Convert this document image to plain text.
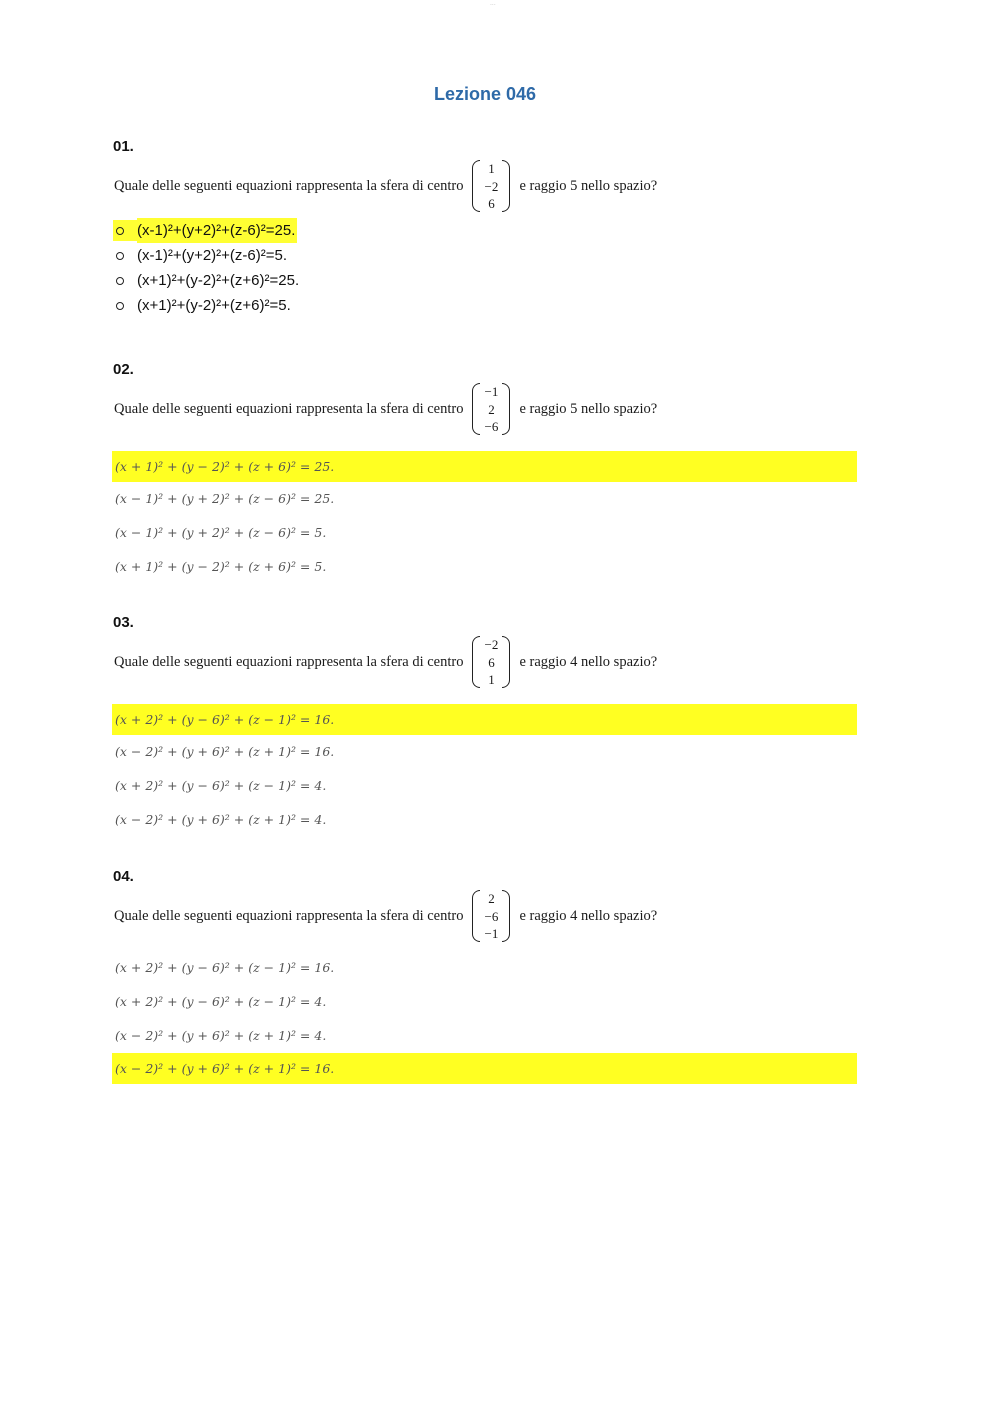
...
Lezione 046
01.
Quale delle seguenti equazioni rappresenta la sfera di centro
1
−2
6
e raggio 5 nello spazio?
(x-1)²+(y+2)²+(z-6)²=25.
(x-1)²+(y+2)²+(z-6)²=5.
(x+1)²+(y-2)²+(z+6)²=25.
(x+1)²+(y-2)²+(z+6)²=5.
02.
Quale delle seguenti equazioni rappresenta la sfera di centro
−1
2
−6
e raggio 5 nello spazio?
(x + 1)² + (y − 2)² + (z + 6)² = 25.
(x − 1)² + (y + 2)² + (z − 6)² = 25.
(x − 1)² + (y + 2)² + (z − 6)² = 5.
(x + 1)² + (y − 2)² + (z + 6)² = 5.
03.
Quale delle seguenti equazioni rappresenta la sfera di centro
−2
6
1
e raggio 4 nello spazio?
(x + 2)² + (y − 6)² + (z − 1)² = 16.
(x − 2)² + (y + 6)² + (z + 1)² = 16.
(x + 2)² + (y − 6)² + (z − 1)² = 4.
(x − 2)² + (y + 6)² + (z + 1)² = 4.
04.
Quale delle seguenti equazioni rappresenta la sfera di centro
2
−6
−1
e raggio 4 nello spazio?
(x + 2)² + (y − 6)² + (z − 1)² = 16.
(x + 2)² + (y − 6)² + (z − 1)² = 4.
(x − 2)² + (y + 6)² + (z + 1)² = 4.
(x − 2)² + (y + 6)² + (z + 1)² = 16.
